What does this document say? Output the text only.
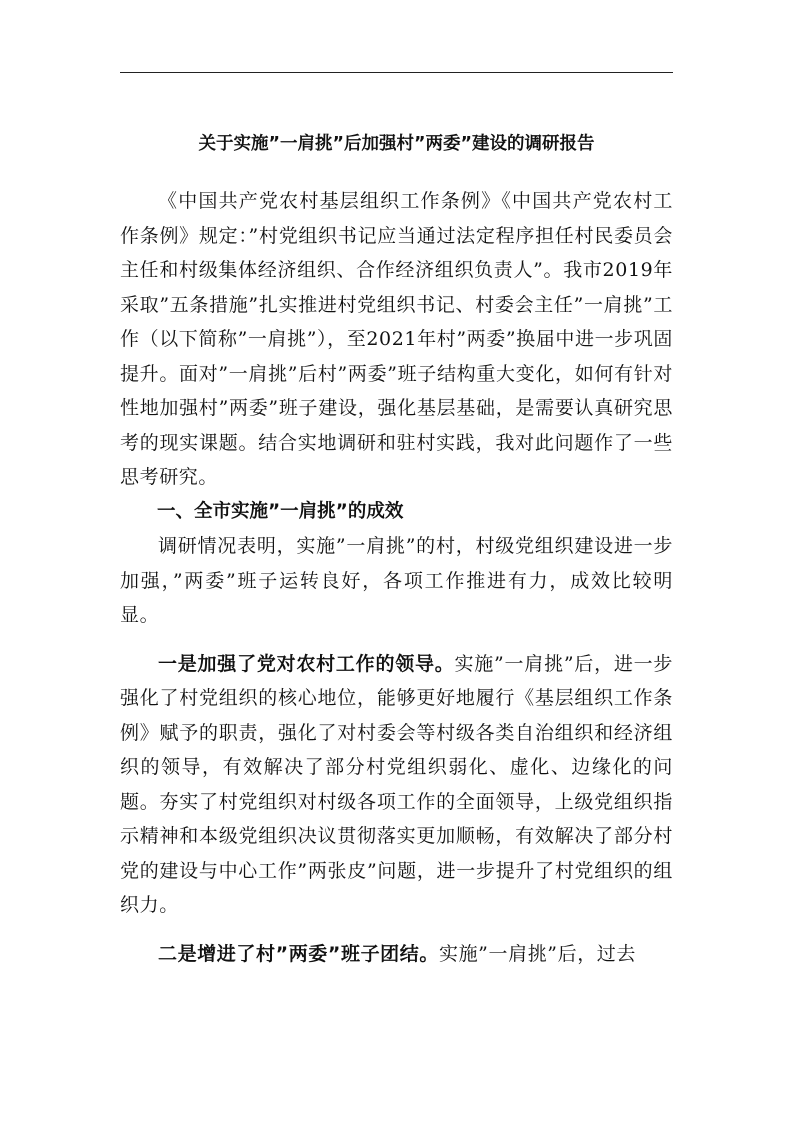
关于实施”一肩挑”后加强村”两委”建设的调研报告

《中国共产党农村基层组织工作条例》《中国共产党农村工作条例》规定：”村党组织书记应当通过法定程序担任村民委员会主任和村级集体经济组织、合作经济组织负责人”。我市2019年采取”五条措施”扎实推进村党组织书记、村委会主任”一肩挑”工作（以下简称”一肩挑”），至2021年村”两委”换届中进一步巩固提升。面对”一肩挑”后村”两委”班子结构重大变化，如何有针对性地加强村”两委”班子建设，强化基层基础，是需要认真研究思考的现实课题。结合实地调研和驻村实践，我对此问题作了一些思考研究。

一、全市实施”一肩挑”的成效

调研情况表明，实施”一肩挑”的村，村级党组织建设进一步加强，”两委”班子运转良好，各项工作推进有力，成效比较明显。

一是加强了党对农村工作的领导。实施”一肩挑”后，进一步强化了村党组织的核心地位，能够更好地履行《基层组织工作条例》赋予的职责，强化了对村委会等村级各类自治组织和经济组织的领导，有效解决了部分村党组织弱化、虚化、边缘化的问题。夯实了村党组织对村级各项工作的全面领导，上级党组织指示精神和本级党组织决议贯彻落实更加顺畅，有效解决了部分村党的建设与中心工作”两张皮”问题，进一步提升了村党组织的组织力。

二是增进了村”两委”班子团结。实施”一肩挑”后，过去
